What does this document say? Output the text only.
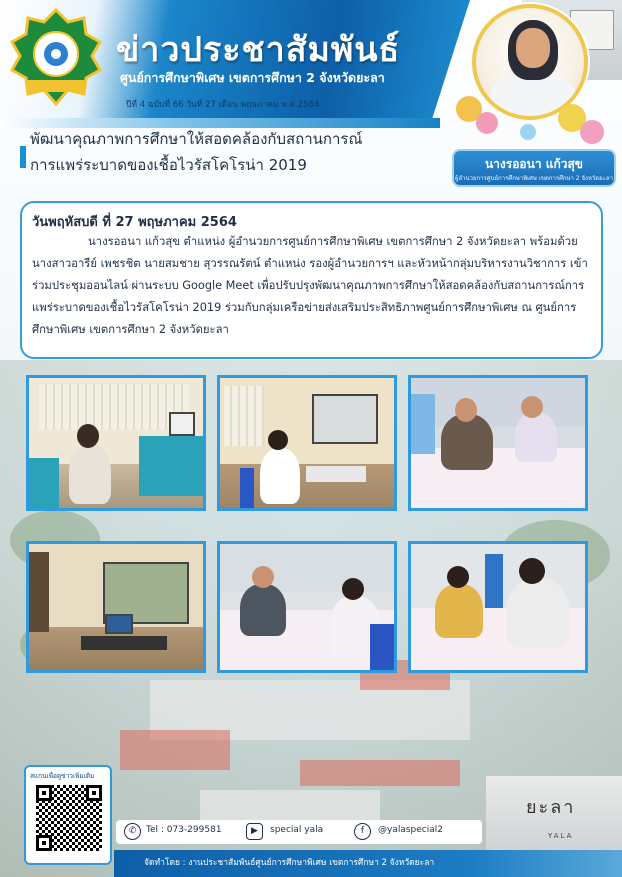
ข่าวประชาสัมพันธ์
ศูนย์การศึกษาพิเศษ เขตการศึกษา 2 จังหวัดยะลา
ปีที่ 4 ฉบับที่ 66 วันที่ 27 เดือน พฤษภาคม พ.ศ.2564
นางรออนา แก้วสุข
ผู้อำนวยการศูนย์การศึกษาพิเศษ เขตการศึกษา 2 จังหวัดยะลา
พัฒนาคุณภาพการศึกษาให้สอดคล้องกับสถานการณ์
การแพร่ระบาดของเชื้อไวรัสโคโรน่า 2019
วันพฤหัสบดี ที่ 27 พฤษภาคม 2564
นางรออนา แก้วสุข ตำแหน่ง ผู้อำนวยการศูนย์การศึกษาพิเศษ เขตการศึกษา 2 จังหวัดยะลา พร้อมด้วย นางสาวอารีย์ เพชรชิต นายสมชาย สุวรรณรัตน์ ตำแหน่ง รองผู้อำนวยการฯ และหัวหน้ากลุ่มบริหารงานวิชาการ เข้าร่วมประชุมออนไลน์ ผ่านระบบ Google Meet เพื่อปรับปรุงพัฒนาคุณภาพการศึกษาให้สอดคล้องกับสถานการณ์การแพร่ระบาดของเชื้อไวรัสโคโรน่า 2019 ร่วมกับกลุ่มเครือข่ายส่งเสริมประสิทธิภาพศูนย์การศึกษาพิเศษ ณ ศูนย์การศึกษาพิเศษ เขตการศึกษา 2 จังหวัดยะลา
สแกนเพื่อดูข่าวเพิ่มเติม
ยะลา
YALA
✆	Tel : 073-299581	▶	special yala	f	@yalaspecial2
จัดทำโดย : งานประชาสัมพันธ์ศูนย์การศึกษาพิเศษ เขตการศึกษา 2 จังหวัดยะลา
